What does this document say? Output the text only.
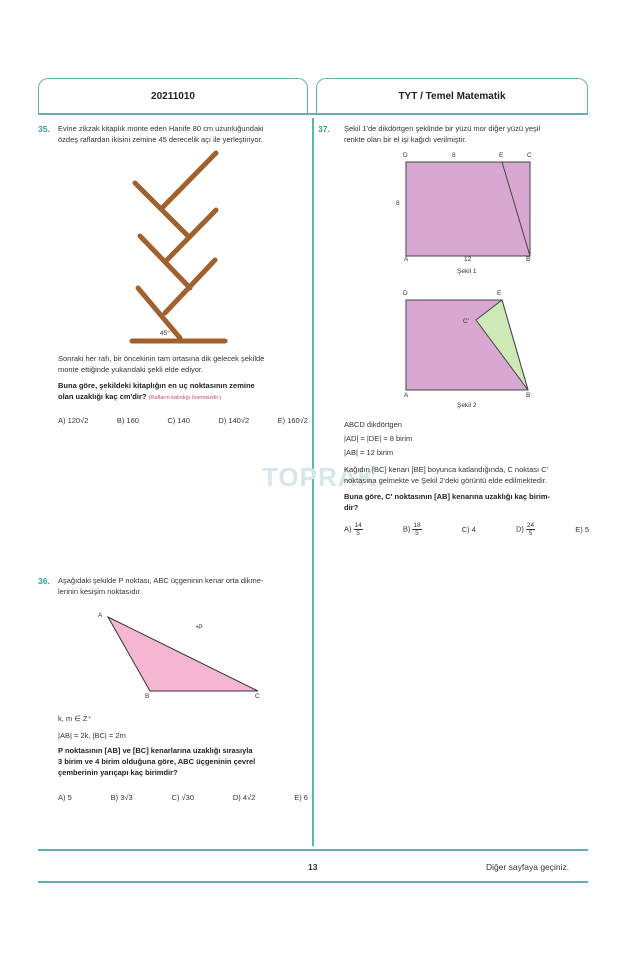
20211010	TYT / Temel Matematik
TOPRAK
35. Evine zikzak kitaplık monte eden Hanife 80 cm uzunluğundaki
özdeş raflardan ikisini zemine 45 derecelik açı ile yerleştiriyor.
45°
Sonraki her rafı, bir öncekinin tam ortasına dik gelecek şekilde
monte ettiğinde yukarıdaki şekli elde ediyor.
Buna göre, şekildeki kitaplığın en uç noktasının zemine
olan uzaklığı kaç cm'dir? (Rafların kalınlığı önemsizdir.)
A) 120√2	B) 160	C) 140	D) 140√2	E) 160√2
36. Aşağıdaki şekilde P noktası, ABC üçgeninin kenar orta dikme-
lerinin kesişim noktasıdır.
A
B	C
•P
k, m ∈ Z⁺
|AB| = 2k, |BC| = 2m
P noktasının [AB] ve [BC] kenarlarına uzaklığı sırasıyla
3 birim ve 4 birim olduğuna göre, ABC üçgeninin çevrel
çemberinin yarıçapı kaç birimdir?
A) 5	B) 3√3	C) √30	D) 4√2	E) 6
37. Şekil 1'de dikdörtgen şeklinde bir yüzü mor diğer yüzü yeşil
renkte olan bir el işi kağıdı verilmiştir.
D	8	E	C
8
A	12	B
Şekil 1
D	E
C'
A	B
Şekil 2
ABCD dikdörtgen
|AD| = |DE| = 8 birim
|AB| = 12 birim
Kağıdın [BC] kenarı [BE] boyunca katlandığında, C noktası C'
noktasına gelmekte ve Şekil 2'deki görüntü elde edilmektedir.
Buna göre, C' noktasının [AB] kenarına uzaklığı kaç birim-
dir?
$A) \frac{14}{5}$	$B) \frac{18}{5}$	C) 4	$D) \frac{24}{5}$	E) 5
13	Diğer sayfaya geçiniz.
